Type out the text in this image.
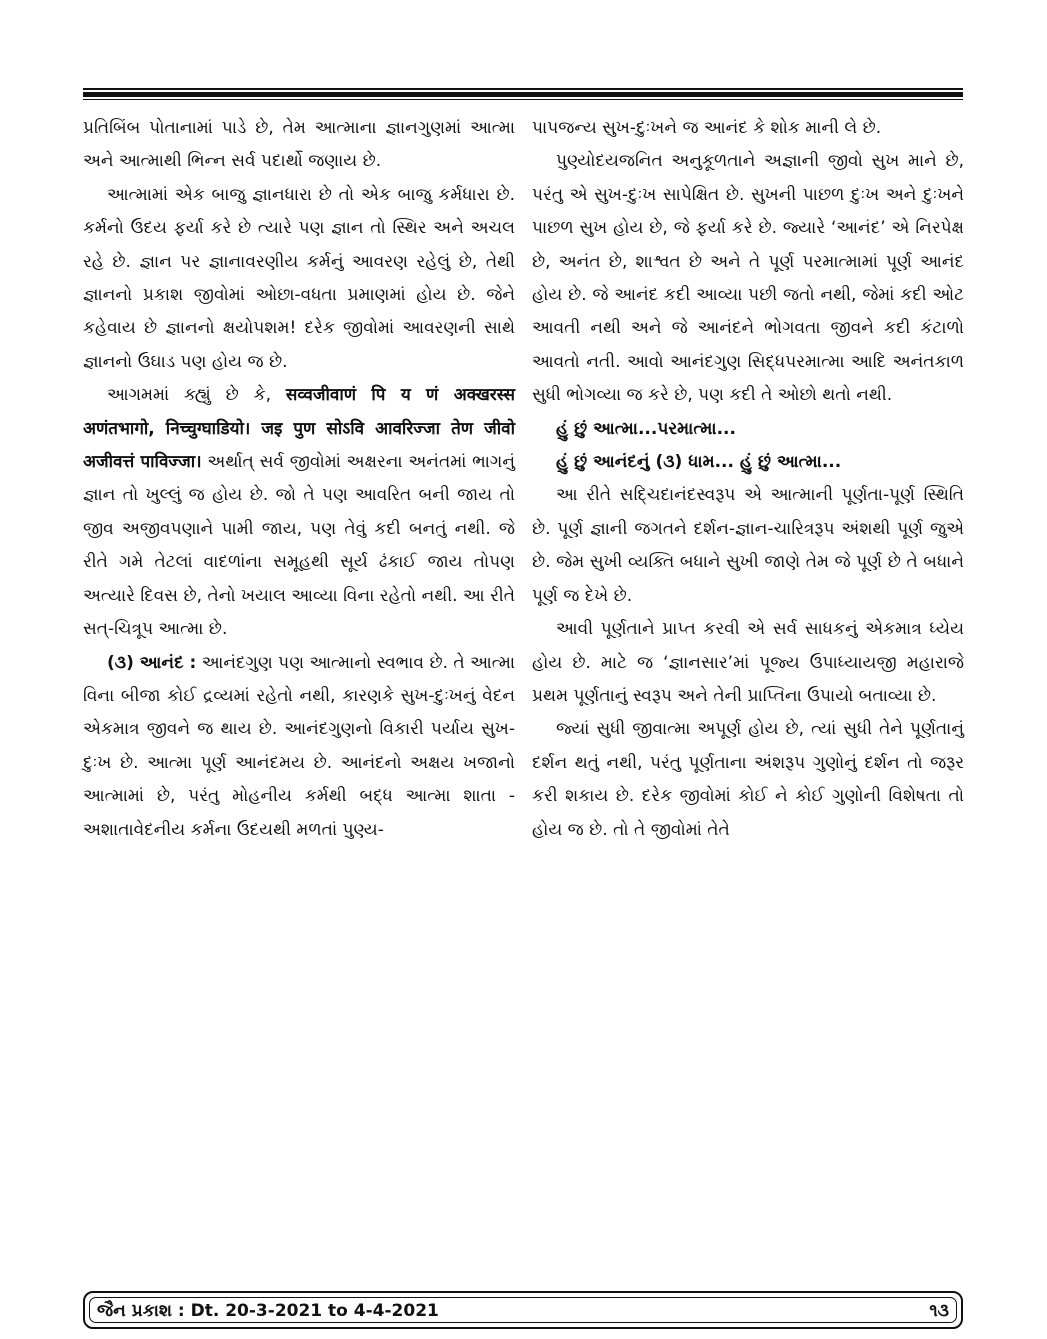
પ્રતિબિંબ પોતાનામાં પાડે છે, તેમ આત્માના જ્ઞાનગુણમાં આત્મા અને આત્માથી ભિન્ન સર્વ પદાર્થો જણાય છે.

આત્મામાં એક બાજુ જ્ઞાનધારા છે તો એક બાજુ કર્મધારા છે. કર્મનો ઉદય ફર્યા કરે છે ત્યારે પણ જ્ઞાન તો સ્થિર અને અચલ રહે છે. જ્ઞાન પર જ્ઞાનાવરણીય કર્મનું આવરણ રહેલું છે, તેથી જ્ઞાનનો પ્રકાશ જીવોમાં ઓછા-વધતા પ્રમાણમાં હોય છે. જેને કહેવાય છે જ્ઞાનનો ક્ષયોપશમ! દરેક જીવોમાં આવરણની સાથે જ્ઞાનનો ઉઘાડ પણ હોય જ છે.

આગમમાં ક્હ્યું છે કે, सव्वजीवाणं पि य णं अक्खरस्स अणंतभागो, निच्चुग्घाडियो। जइ पुण सोऽवि आवरिज्जा तेण जीवो अजीवत्तं पाविज्जा। અર્થાત્ સર્વ જીવોમાં અક્ષરના અનંતમાં ભાગનું જ્ઞાન તો ખુલ્લું જ હોય છે. જો તે પણ આવરિત બની જાય તો જીવ અજીવપણાને પામી જાય, પણ તેવું કદી બનતું નથી. જે રીતે ગમે તેટલાં વાદળાંના સમૂહથી સૂર્ય ઢંકાઈ જાય તોપણ અત્યારે દિવસ છે, તેનો ખયાલ આવ્યા વિના રહેતો નથી. આ રીતે સત્-ચિત્રૂપ આત્મા છે.

(૩) આનંદ : આનંદગુણ પણ આત્માનો સ્વભાવ છે. તે આત્મા વિના બીજા કોઈ દ્રવ્યમાં રહેતો નથી, કારણકે સુખ-દુઃખનું વેદન એકમાત્ર જીવને જ થાય છે. આનંદગુણનો વિકારી પર્યાય સુખ-દુઃખ છે. આત્મા પૂર્ણ આનંદમય છે. આનંદનો અક્ષય ખજાનો આત્મામાં છે, પરંતુ મોહનીય કર્મથી બદ્ધ આત્મા શાતા - અશાતાવેદનીય કર્મના ઉદયથી મળતાં પુણ્ય-

પાપજન્ય સુખ-દુઃખને જ આનંદ કે શોક માની લે છે.

પુણ્યોદયજનિત અનુકૂળતાને અજ્ઞાની જીવો સુખ માને છે, પરંતુ એ સુખ-દુઃખ સાપેક્ષિત છે. સુખની પાછળ દુઃખ અને દુઃખને પાછળ સુખ હોય છે, જે ફર્યા કરે છે. જ્યારે ‘આનંદ’ એ નિરપેક્ષ છે, અનંત છે, શાશ્વત છે અને તે પૂર્ણ પરમાત્મામાં પૂર્ણ આનંદ હોય છે. જે આનંદ કદી આવ્યા પછી જતો નથી, જેમાં કદી ઓટ આવતી નથી અને જે આનંદને ભોગવતા જીવને કદી કંટાળો આવતો નતી. આવો આનંદગુણ સિદ્ધપરમાત્મા આદિ અનંતકાળ સુધી ભોગવ્યા જ કરે છે, પણ કદી તે ઓછો થતો નથી.

હું છું આત્મા...પરમાત્મા...

હું છું આનંદનું (૩) ધામ... હું છું આત્મા...

આ રીતે સદ્ચિદાનંદસ્વરૂપ એ આત્માની પૂર્ણતા-પૂર્ણ સ્થિતિ છે. પૂર્ણ જ્ઞાની જગતને દર્શન-જ્ઞાન-ચારિત્રરૂપ અંશથી પૂર્ણ જુએ છે. જેમ સુખી વ્યક્તિ બધાને સુખી જાણે તેમ જે પૂર્ણ છે તે બધાને પૂર્ણ જ દેખે છે.

આવી પૂર્ણતાને પ્રાપ્ત કરવી એ સર્વ સાધકનું એકમાત્ર ધ્યેય હોય છે. માટે જ ‘જ્ઞાનસાર’માં પૂજ્ય ઉપાધ્યાયજી મહારાજે પ્રથમ પૂર્ણતાનું સ્વરૂપ અને તેની પ્રાપ્તિના ઉપાયો બતાવ્યા છે.

જ્યાં સુધી જીવાત્મા અપૂર્ણ હોય છે, ત્યાં સુધી તેને પૂર્ણતાનું દર્શન થતું નથી, પરંતુ પૂર્ણતાના અંશરૂપ ગુણોનું દર્શન તો જરૂર કરી શકાય છે. દરેક જીવોમાં કોઈ ને કોઈ ગુણોની વિશેષતા તો હોય જ છે. તો તે જીવોમાં તેતે

જૈન પ્રકાશ : Dt. 20-3-2021 to 4-4-2021	૧૩
